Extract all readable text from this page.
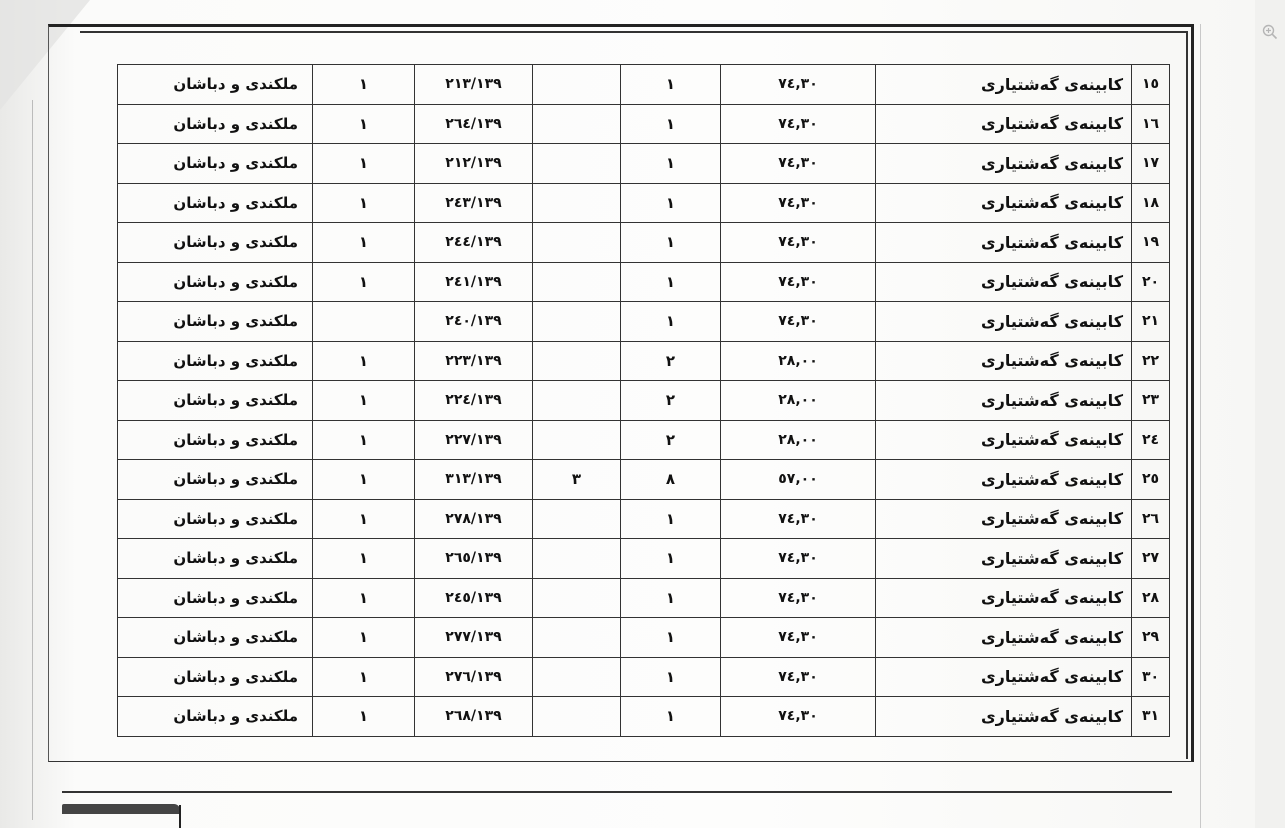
١٥	کابینەی گەشتیاری	٧٤,٣٠	١		٢١٣/١٣٩	١	ملکندی و دباشان
١٦	کابینەی گەشتیاری	٧٤,٣٠	١		٢٦٤/١٣٩	١	ملکندی و دباشان
١٧	کابینەی گەشتیاری	٧٤,٣٠	١		٢١٢/١٣٩	١	ملکندی و دباشان
١٨	کابینەی گەشتیاری	٧٤,٣٠	١		٢٤٣/١٣٩	١	ملکندی و دباشان
١٩	کابینەی گەشتیاری	٧٤,٣٠	١		٢٤٤/١٣٩	١	ملکندی و دباشان
٢٠	کابینەی گەشتیاری	٧٤,٣٠	١		٢٤١/١٣٩	١	ملکندی و دباشان
٢١	کابینەی گەشتیاری	٧٤,٣٠	١		٢٤٠/١٣٩		ملکندی و دباشان
٢٢	کابینەی گەشتیاری	٢٨,٠٠	٢		٢٢٣/١٣٩	١	ملکندی و دباشان
٢٣	کابینەی گەشتیاری	٢٨,٠٠	٢		٢٢٤/١٣٩	١	ملکندی و دباشان
٢٤	کابینەی گەشتیاری	٢٨,٠٠	٢		٢٢٧/١٣٩	١	ملکندی و دباشان
٢٥	کابینەی گەشتیاری	٥٧,٠٠	٨	٣	٣١٣/١٣٩	١	ملکندی و دباشان
٢٦	کابینەی گەشتیاری	٧٤,٣٠	١		٢٧٨/١٣٩	١	ملکندی و دباشان
٢٧	کابینەی گەشتیاری	٧٤,٣٠	١		٢٦٥/١٣٩	١	ملکندی و دباشان
٢٨	کابینەی گەشتیاری	٧٤,٣٠	١		٢٤٥/١٣٩	١	ملکندی و دباشان
٢٩	کابینەی گەشتیاری	٧٤,٣٠	١		٢٧٧/١٣٩	١	ملکندی و دباشان
٣٠	کابینەی گەشتیاری	٧٤,٣٠	١		٢٧٦/١٣٩	١	ملکندی و دباشان
٣١	کابینەی گەشتیاری	٧٤,٣٠	١		٢٦٨/١٣٩	١	ملکندی و دباشان
